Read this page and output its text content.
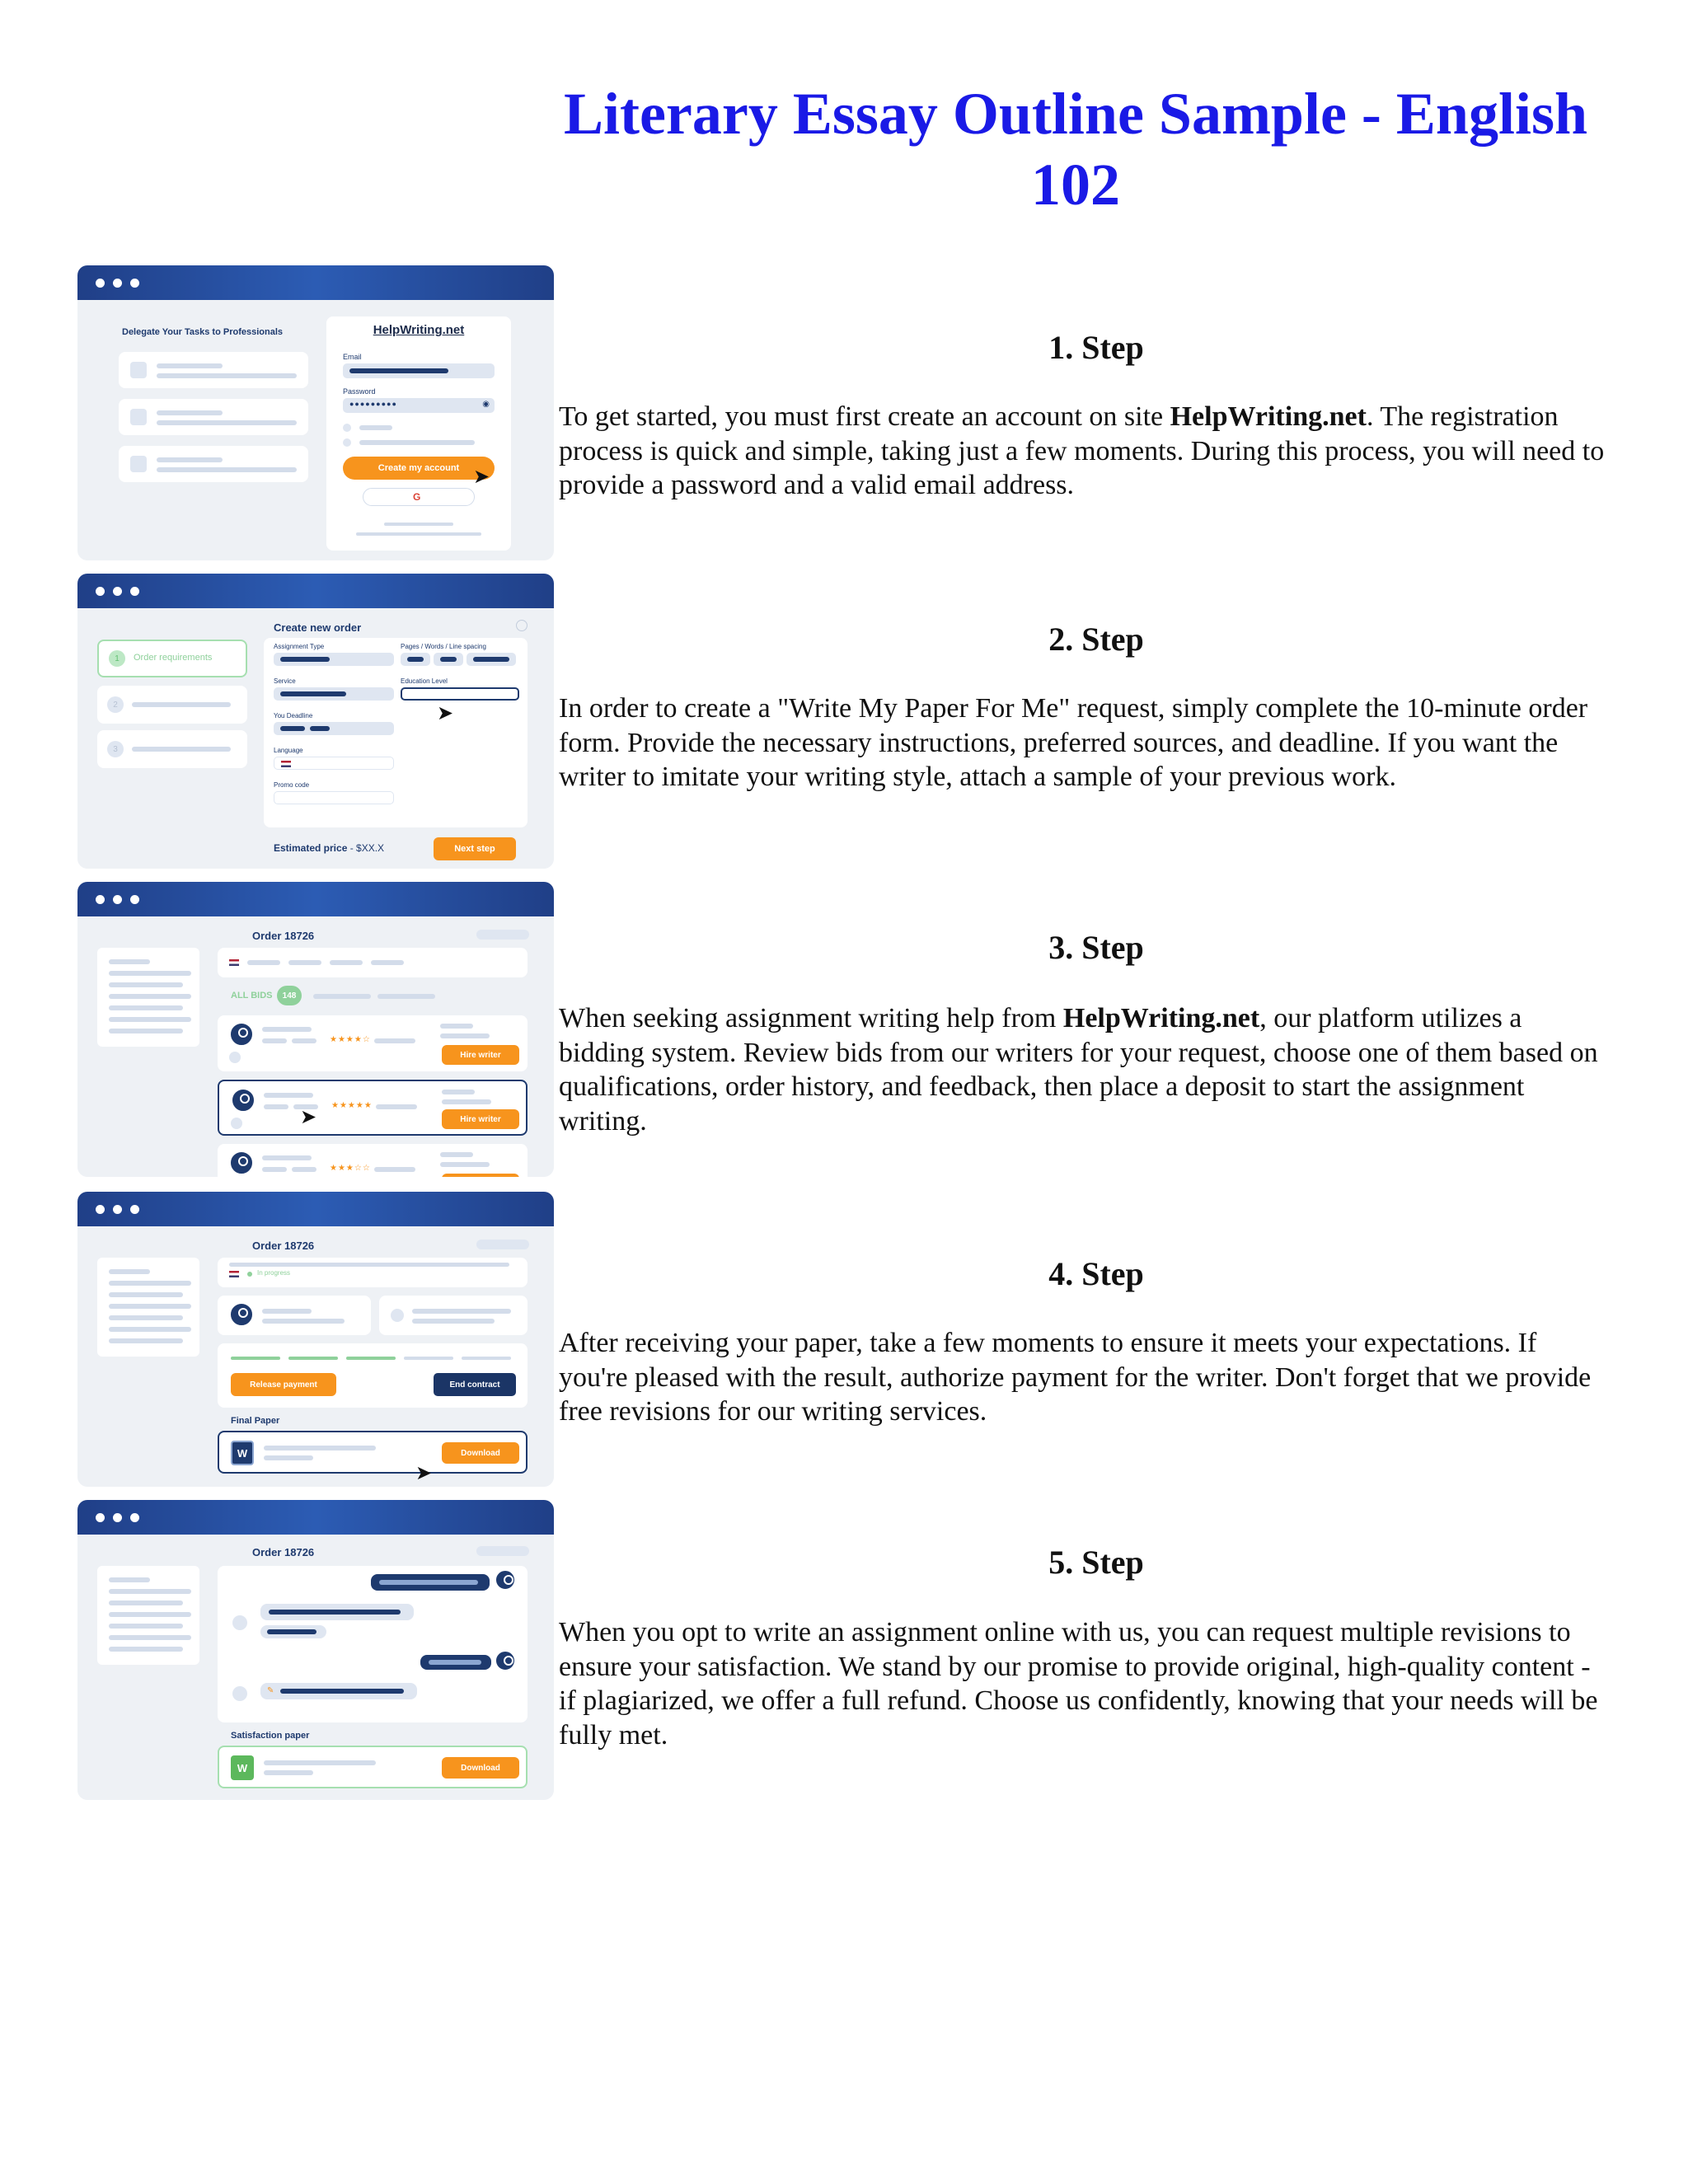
Literary Essay Outline Sample - English 102
Delegate Your Tasks to Professionals	HelpWriting.net
Email
Password
●●●●●●●●●	◉
Create my account
G
➤
1. Step
To get started, you must first create an account on site HelpWriting.net. The registration process is quick and simple, taking just a few moments. During this process, you will need to provide a password and a valid email address.
Create new order
1	Order requirements
2
3
Assignment Type	Pages / Words / Line spacing
Service	Education Level
You Deadline
Language
Promo code
➤
Estimated price - $XX.X	Next step
2. Step
In order to create a "Write My Paper For Me" request, simply complete the 10-minute order form. Provide the necessary instructions, preferred sources, and deadline. If you want the writer to imitate your writing style, attach a sample of your previous work.
Order 18726
ALL BIDS	148
★★★★☆
Hire writer
★★★★★
Hire writer
➤
★★★☆☆
3. Step
When seeking assignment writing help from HelpWriting.net, our platform utilizes a bidding system. Review bids from our writers for your request, choose one of them based on qualifications, order history, and feedback, then place a deposit to start the assignment writing.
Order 18726
In progress
Release payment	End contract
Final Paper
W	Download
➤
4. Step
After receiving your paper, take a few moments to ensure it meets your expectations. If you're pleased with the result, authorize payment for the writer. Don't forget that we provide free revisions for our writing services.
Order 18726
✎
Satisfaction paper
W	Download
5. Step
When you opt to write an assignment online with us, you can request multiple revisions to ensure your satisfaction. We stand by our promise to provide original, high-quality content - if plagiarized, we offer a full refund. Choose us confidently, knowing that your needs will be fully met.
